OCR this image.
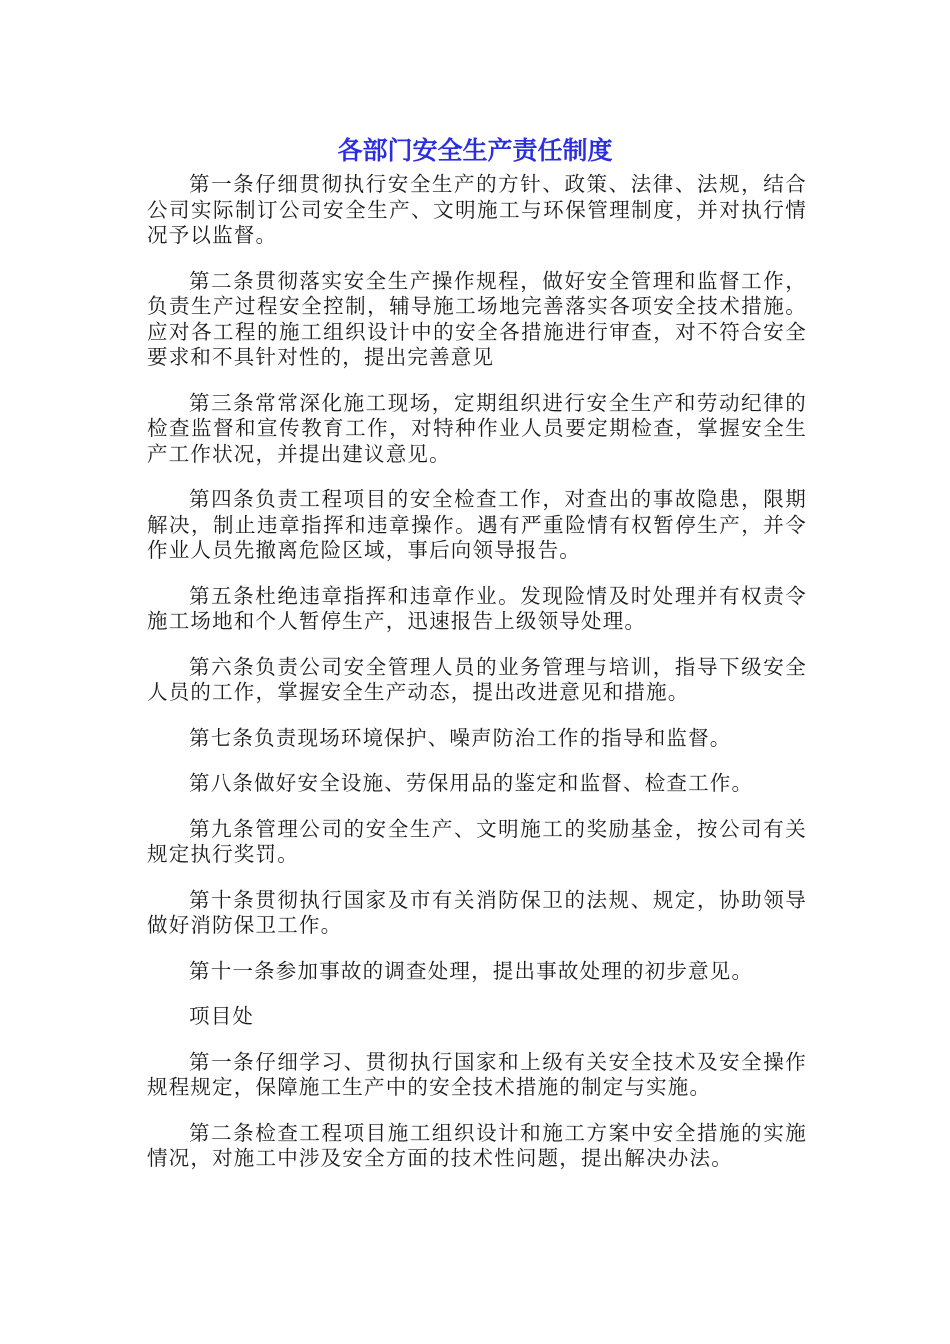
各部门安全生产责任制度

第一条仔细贯彻执行安全生产的方针、政策、法律、法规，结合公司实际制订公司安全生产、文明施工与环保管理制度，并对执行情况予以监督。

第二条贯彻落实安全生产操作规程，做好安全管理和监督工作，负责生产过程安全控制，辅导施工场地完善落实各项安全技术措施。应对各工程的施工组织设计中的安全各措施进行审查，对不符合安全要求和不具针对性的，提出完善意见

第三条常常深化施工现场，定期组织进行安全生产和劳动纪律的检查监督和宣传教育工作，对特种作业人员要定期检查，掌握安全生产工作状况，并提出建议意见。

第四条负责工程项目的安全检查工作，对查出的事故隐患，限期解决，制止违章指挥和违章操作。遇有严重险情有权暂停生产，并令作业人员先撤离危险区域，事后向领导报告。

第五条杜绝违章指挥和违章作业。发现险情及时处理并有权责令施工场地和个人暂停生产，迅速报告上级领导处理。

第六条负责公司安全管理人员的业务管理与培训，指导下级安全人员的工作，掌握安全生产动态，提出改进意见和措施。

第七条负责现场环境保护、噪声防治工作的指导和监督。

第八条做好安全设施、劳保用品的鉴定和监督、检查工作。

第九条管理公司的安全生产、文明施工的奖励基金，按公司有关规定执行奖罚。

第十条贯彻执行国家及市有关消防保卫的法规、规定，协助领导做好消防保卫工作。

第十一条参加事故的调查处理，提出事故处理的初步意见。

项目处

第一条仔细学习、贯彻执行国家和上级有关安全技术及安全操作规程规定，保障施工生产中的安全技术措施的制定与实施。

第二条检查工程项目施工组织设计和施工方案中安全措施的实施情况，对施工中涉及安全方面的技术性问题，提出解决办法。
